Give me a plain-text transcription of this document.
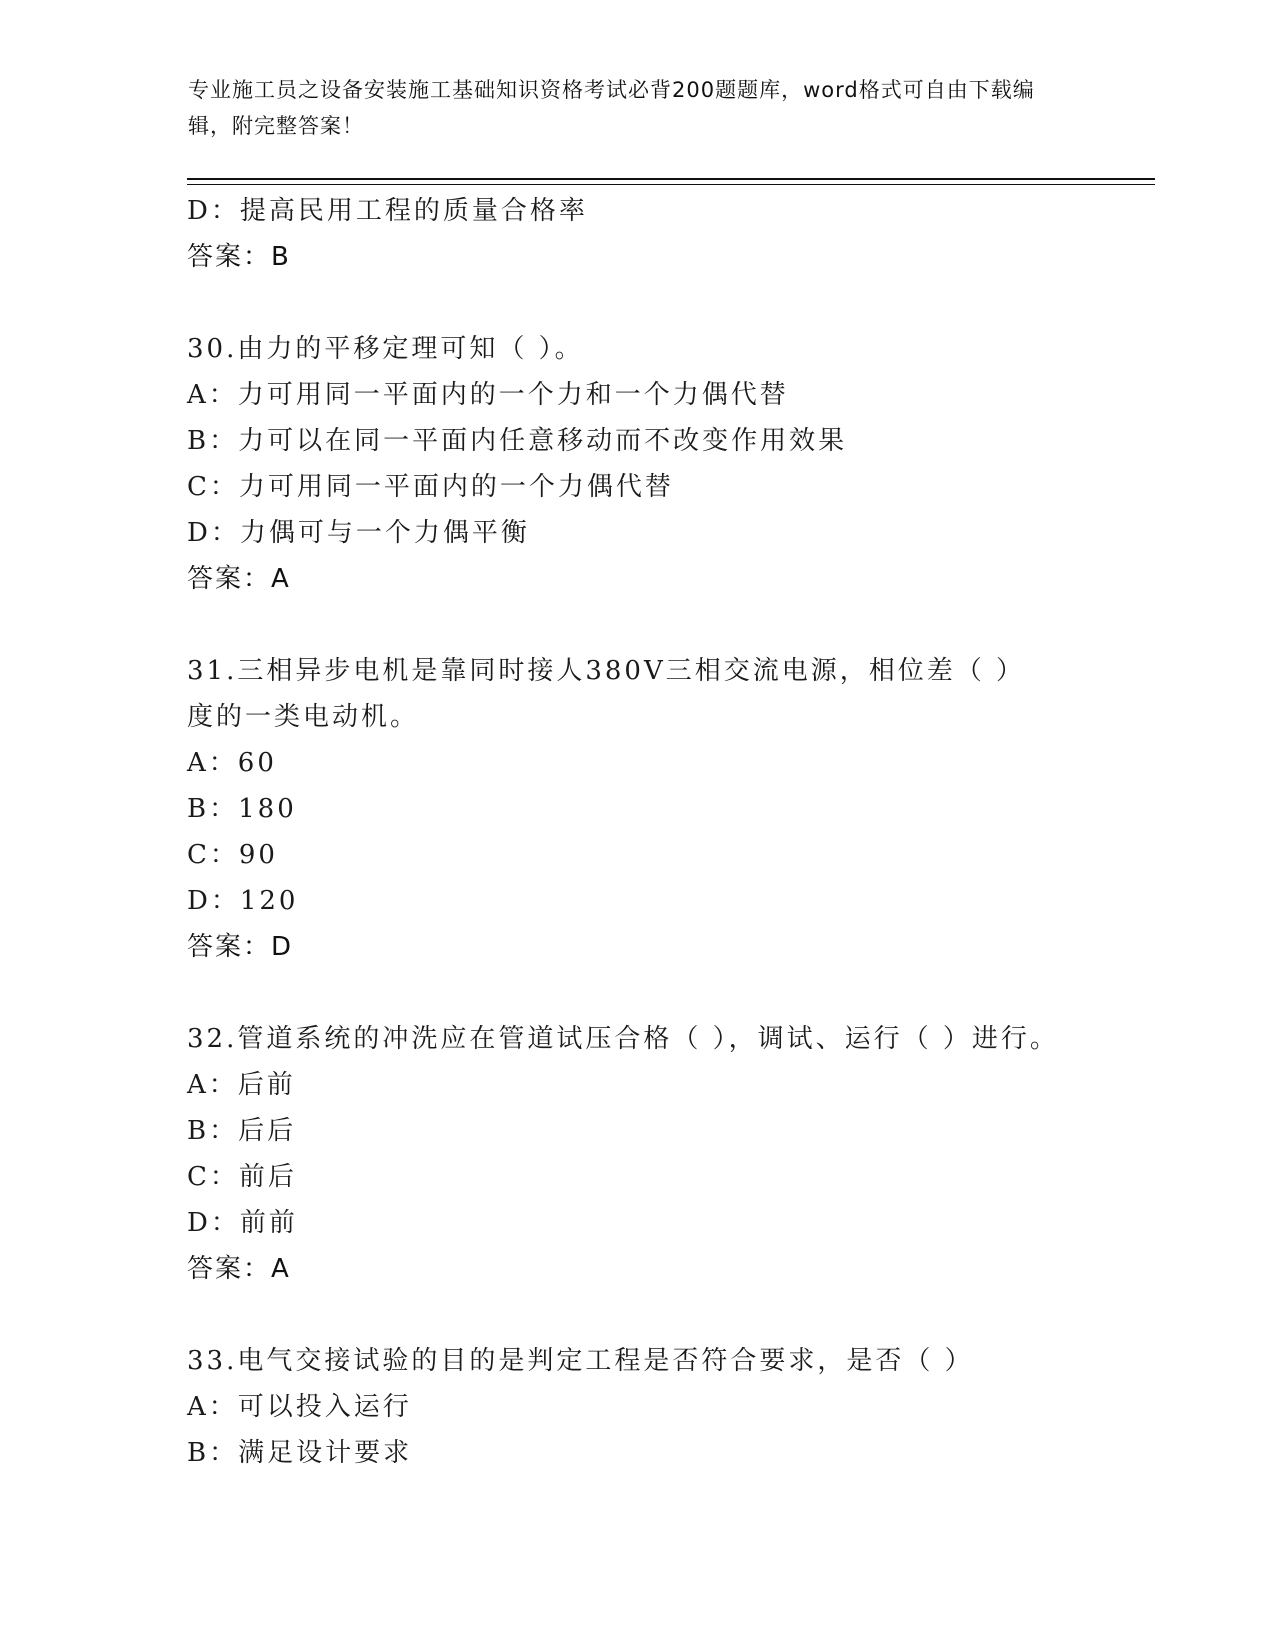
专业施工员之设备安装施工基础知识资格考试必背200题题库，word格式可自由下载编辑，附完整答案！
D：提高民用工程的质量合格率
答案：B
30.由力的平移定理可知（ ）。
A：力可用同一平面内的一个力和一个力偶代替
B：力可以在同一平面内任意移动而不改变作用效果
C：力可用同一平面内的一个力偶代替
D：力偶可与一个力偶平衡
答案：A
31.三相异步电机是靠同时接人380V三相交流电源，相位差（ ）度的一类电动机。
A：60
B：180
C：90
D：120
答案：D
32.管道系统的冲洗应在管道试压合格（ ），调试、运行（ ）进行。
A：后前
B：后后
C：前后
D：前前
答案：A
33.电气交接试验的目的是判定工程是否符合要求，是否（ ）
A：可以投入运行
B：满足设计要求
